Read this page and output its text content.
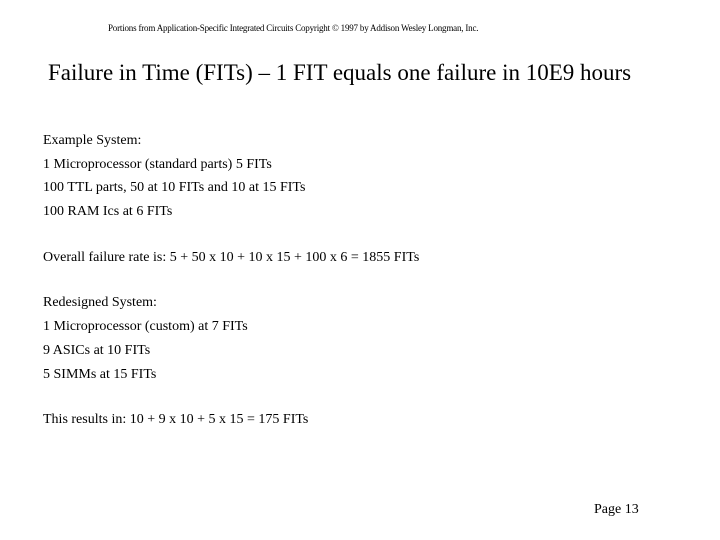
Portions from Application-Specific Integrated Circuits Copyright © 1997 by Addison Wesley Longman, Inc.
Failure in Time (FITs) – 1 FIT equals one failure in 10E9 hours
Example System:
1 Microprocessor (standard parts) 5 FITs
100 TTL parts, 50 at 10 FITs and 10 at 15 FITs
100 RAM Ics at 6 FITs
Overall failure rate is: 5 + 50 x 10 + 10 x 15 + 100 x 6 = 1855 FITs
Redesigned System:
1 Microprocessor (custom) at 7 FITs
9 ASICs at 10 FITs
5 SIMMs at 15 FITs
This results in: 10 + 9 x 10 + 5 x 15 = 175 FITs
Page 13
